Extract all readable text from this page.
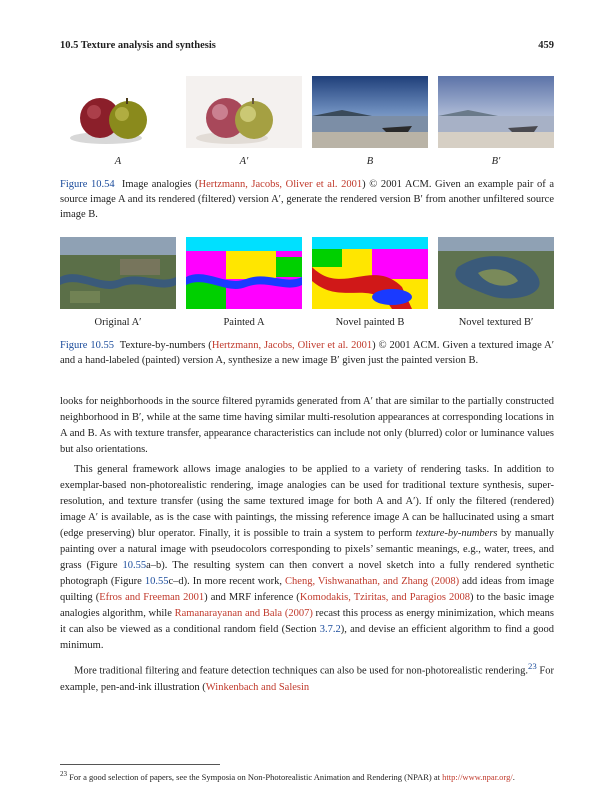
10.5 Texture analysis and synthesis	459
A	A′	B	B′
Figure 10.54 Image analogies (Hertzmann, Jacobs, Oliver et al. 2001) © 2001 ACM. Given an example pair of a source image A and its rendered (filtered) version A′, generate the rendered version B′ from another unfiltered source image B.
Original A′	Painted A	Novel painted B	Novel textured B′
Figure 10.55 Texture-by-numbers (Hertzmann, Jacobs, Oliver et al. 2001) © 2001 ACM. Given a textured image A′ and a hand-labeled (painted) version A, synthesize a new image B′ given just the painted version B.

looks for neighborhoods in the source filtered pyramids generated from A′ that are similar to the partially constructed neighborhood in B′, while at the same time having similar multi-resolution appearances at corresponding locations in A and B. As with texture transfer, appearance characteristics can include not only (blurred) color or luminance values but also orientations.

This general framework allows image analogies to be applied to a variety of rendering tasks. In addition to exemplar-based non-photorealistic rendering, image analogies can be used for traditional texture synthesis, super-resolution, and texture transfer (using the same textured image for both A and A′). If only the filtered (rendered) image A′ is available, as is the case with paintings, the missing reference image A can be hallucinated using a smart (edge preserving) blur operator. Finally, it is possible to train a system to perform texture-by-numbers by manually painting over a natural image with pseudocolors corresponding to pixels’ semantic meanings, e.g., water, trees, and grass (Figure 10.55a–b). The resulting system can then convert a novel sketch into a fully rendered synthetic photograph (Figure 10.55c–d). In more recent work, Cheng, Vishwanathan, and Zhang (2008) add ideas from image quilting (Efros and Freeman 2001) and MRF inference (Komodakis, Tziritas, and Paragios 2008) to the basic image analogies algorithm, while Ramanarayanan and Bala (2007) recast this process as energy minimization, which means it can also be viewed as a conditional random field (Section 3.7.2), and devise an efficient algorithm to find a good minimum.

More traditional filtering and feature detection techniques can also be used for non-photorealistic rendering.$^{23}$ For example, pen-and-ink illustration (Winkenbach and Salesin

$^{23}$ For a good selection of papers, see the Symposia on Non-Photorealistic Animation and Rendering (NPAR) at http://www.npar.org/.
